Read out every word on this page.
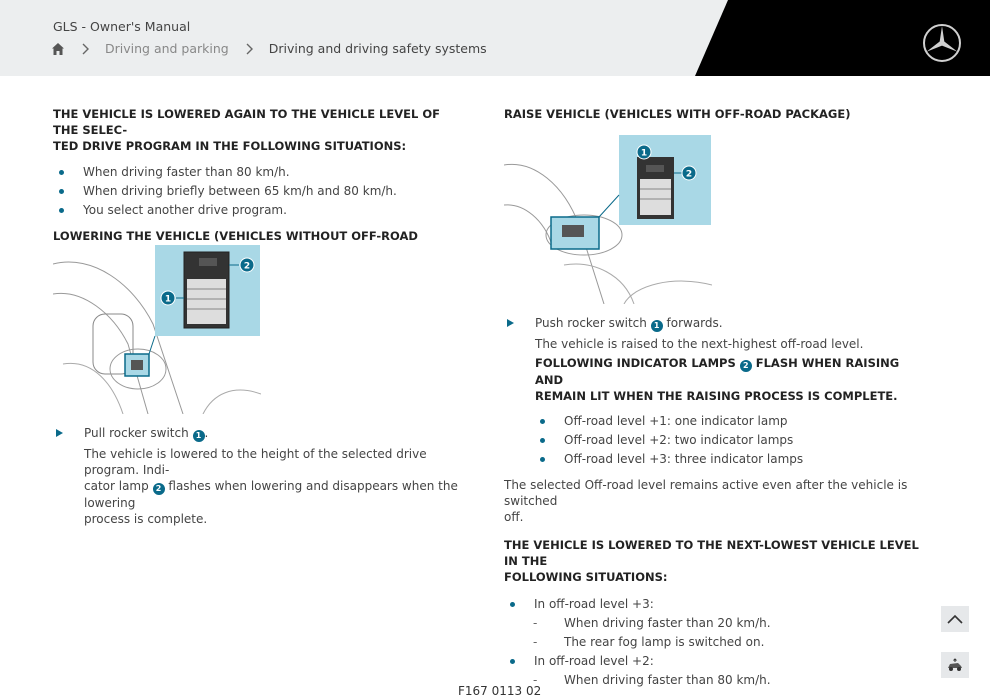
GLS - Owner's Manual
Driving and parking	Driving and driving safety systems
THE VEHICLE IS LOWERED AGAIN TO THE VEHICLE LEVEL OF THE SELEC-
TED DRIVE PROGRAM IN THE FOLLOWING SITUATIONS:
When driving faster than 80 km/h.
When driving briefly between 65 km/h and 80 km/h.
You select another drive program.
LOWERING THE VEHICLE (VEHICLES WITHOUT OFF-ROAD
2
1
Pull rocker switch 1 .
The vehicle is lowered to the height of the selected drive program. Indi-
cator lamp 2 flashes when lowering and disappears when the lowering
process is complete.
RAISE VEHICLE (VEHICLES WITH OFF-ROAD PACKAGE)
1
2
Push rocker switch 1 forwards.
The vehicle is raised to the next-highest off-road level.
FOLLOWING INDICATOR LAMPS 2 FLASH WHEN RAISING AND
REMAIN LIT WHEN THE RAISING PROCESS IS COMPLETE.
Off-road level +1: one indicator lamp
Off-road level +2: two indicator lamps
Off-road level +3: three indicator lamps
The selected Off-road level remains active even after the vehicle is switched
off.
THE VEHICLE IS LOWERED TO THE NEXT-LOWEST VEHICLE LEVEL IN THE
FOLLOWING SITUATIONS:
In off-road level +3:
- When driving faster than 20 km/h.
- The rear fog lamp is switched on.
In off-road level +2:
- When driving faster than 80 km/h.
F167 0113 02
